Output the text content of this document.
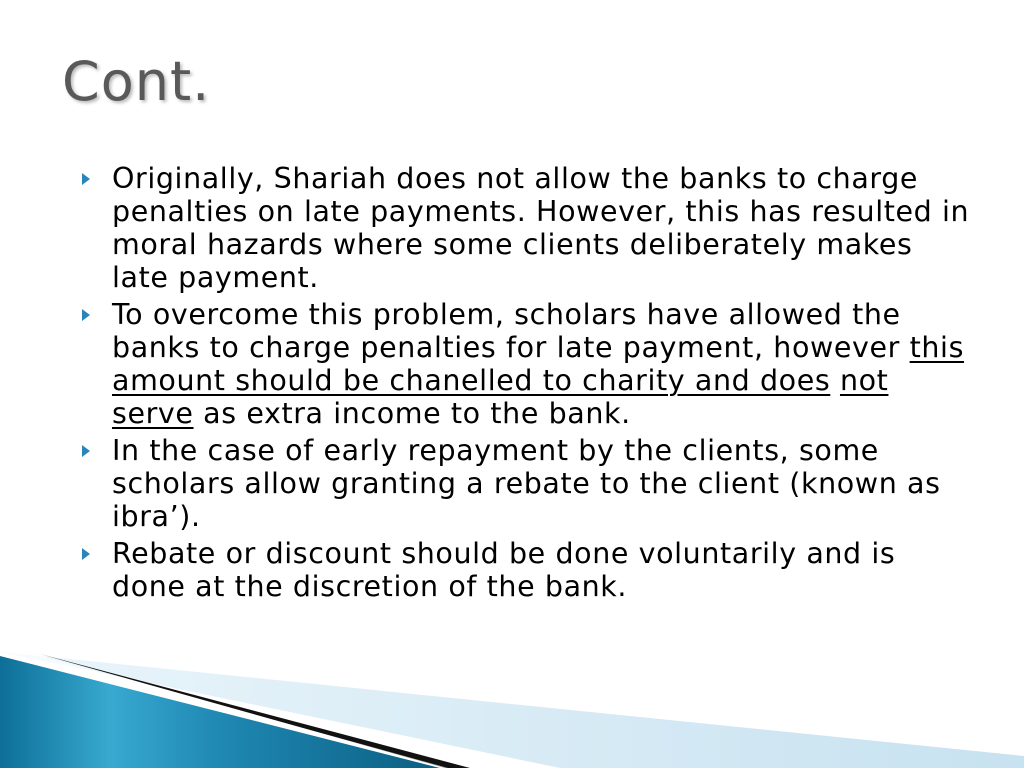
Cont.
Originally, Shariah does not allow the banks to charge penalties on late payments. However, this has resulted in moral hazards where some clients deliberately makes late payment.
To overcome this problem, scholars have allowed the banks to charge penalties for late payment, however this amount should be chanelled to charity and does not serve as extra income to the bank.
In the case of early repayment by the clients, some scholars allow granting a rebate to the client (known as ibra’).
Rebate or discount should be done voluntarily and is done at the discretion of the bank.
